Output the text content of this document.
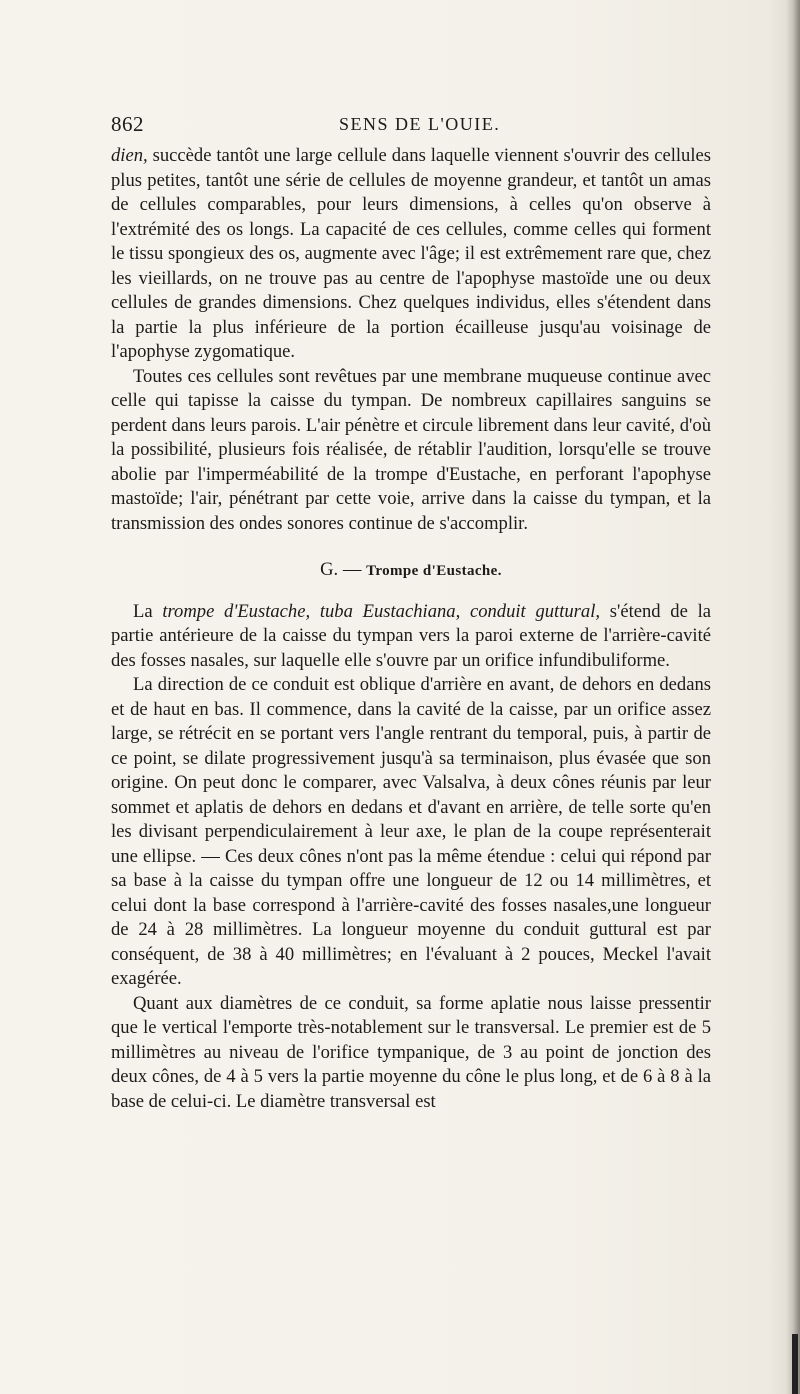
862	SENS DE L'OUIE.

dien, succède tantôt une large cellule dans laquelle viennent s'ouvrir des cellules plus petites, tantôt une série de cellules de moyenne grandeur, et tantôt un amas de cellules comparables, pour leurs dimensions, à celles qu'on observe à l'extrémité des os longs. La capacité de ces cellules, comme celles qui forment le tissu spongieux des os, augmente avec l'âge; il est extrêmement rare que, chez les vieillards, on ne trouve pas au centre de l'apophyse mastoïde une ou deux cellules de grandes dimensions. Chez quelques individus, elles s'étendent dans la partie la plus inférieure de la portion écailleuse jusqu'au voisinage de l'apophyse zygomatique.

Toutes ces cellules sont revêtues par une membrane muqueuse continue avec celle qui tapisse la caisse du tympan. De nombreux capillaires sanguins se perdent dans leurs parois. L'air pénètre et circule librement dans leur cavité, d'où la possibilité, plusieurs fois réalisée, de rétablir l'audition, lorsqu'elle se trouve abolie par l'imperméabilité de la trompe d'Eustache, en perforant l'apophyse mastoïde; l'air, pénétrant par cette voie, arrive dans la caisse du tympan, et la transmission des ondes sonores continue de s'accomplir.

G. — Trompe d'Eustache.

La trompe d'Eustache, tuba Eustachiana, conduit guttural, s'étend de la partie antérieure de la caisse du tympan vers la paroi externe de l'arrière-cavité des fosses nasales, sur laquelle elle s'ouvre par un orifice infundibuliforme.

La direction de ce conduit est oblique d'arrière en avant, de dehors en dedans et de haut en bas. Il commence, dans la cavité de la caisse, par un orifice assez large, se rétrécit en se portant vers l'angle rentrant du temporal, puis, à partir de ce point, se dilate progressivement jusqu'à sa terminaison, plus évasée que son origine. On peut donc le comparer, avec Valsalva, à deux cônes réunis par leur sommet et aplatis de dehors en dedans et d'avant en arrière, de telle sorte qu'en les divisant perpendiculairement à leur axe, le plan de la coupe représenterait une ellipse. — Ces deux cônes n'ont pas la même étendue : celui qui répond par sa base à la caisse du tympan offre une longueur de 12 ou 14 millimètres, et celui dont la base correspond à l'arrière-cavité des fosses nasales,une longueur de 24 à 28 millimètres. La longueur moyenne du conduit guttural est par conséquent, de 38 à 40 millimètres; en l'évaluant à 2 pouces, Meckel l'avait exagérée.

Quant aux diamètres de ce conduit, sa forme aplatie nous laisse pressentir que le vertical l'emporte très-notablement sur le transversal. Le premier est de 5 millimètres au niveau de l'orifice tympanique, de 3 au point de jonction des deux cônes, de 4 à 5 vers la partie moyenne du cône le plus long, et de 6 à 8 à la base de celui-ci. Le diamètre transversal est
